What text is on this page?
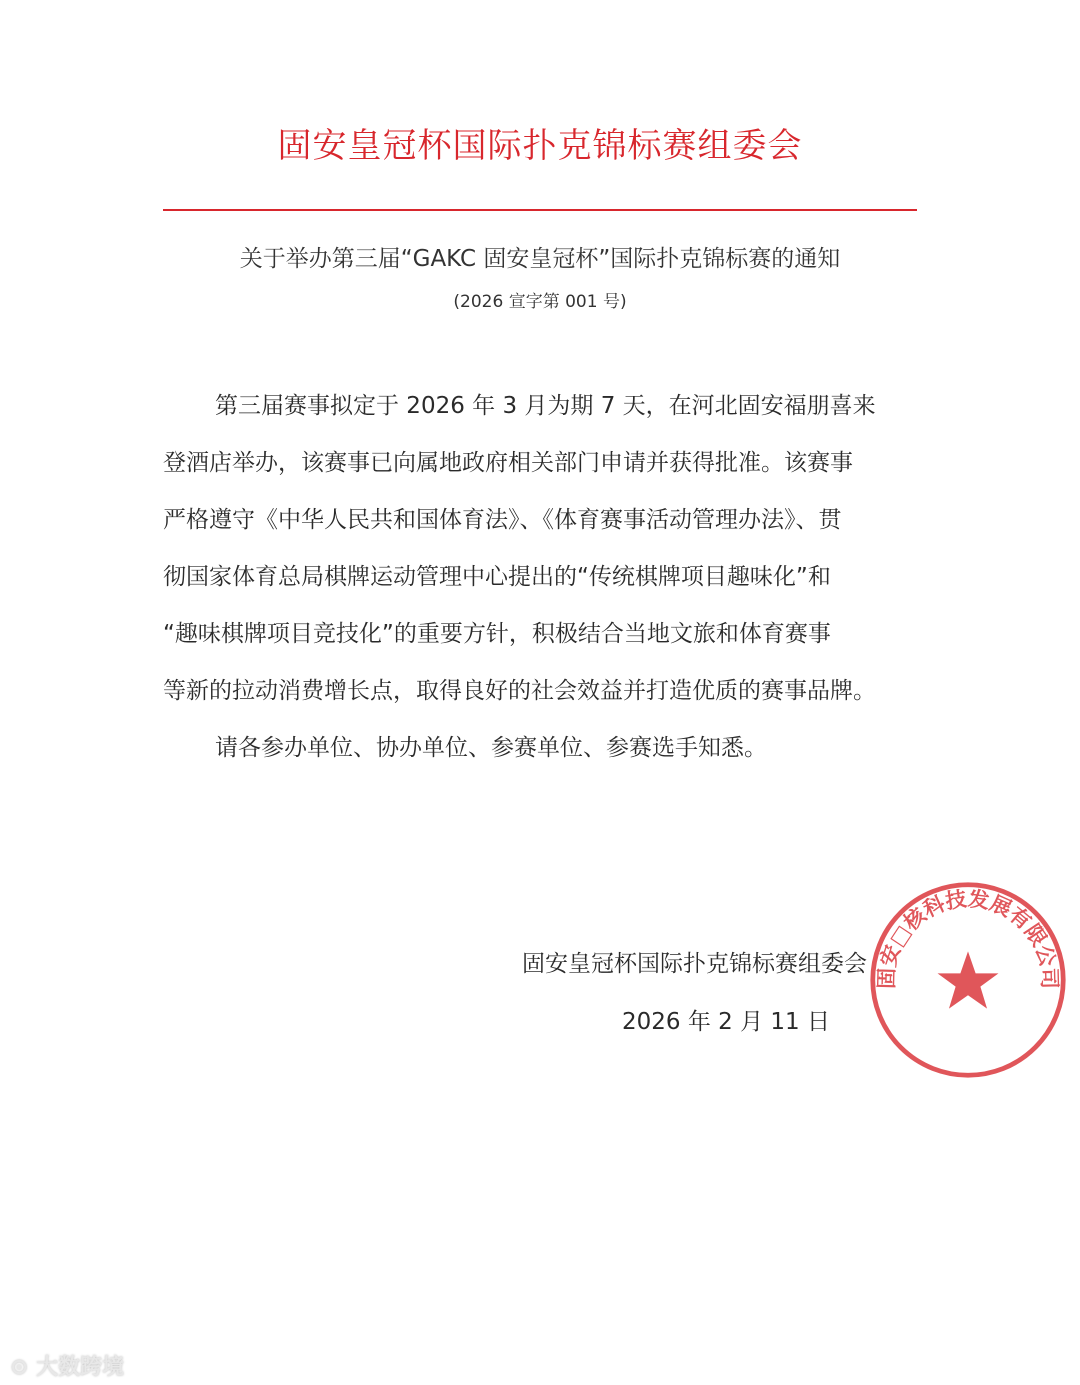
固安皇冠杯国际扑克锦标赛组委会
关于举办第三届“GAKC 固安皇冠杯”国际扑克锦标赛的通知
(2026 宣字第 001 号)
第三届赛事拟定于 2026 年 3 月为期 7 天，在河北固安福朋喜来
登酒店举办，该赛事已向属地政府相关部门申请并获得批准。该赛事
严格遵守《中华人民共和国体育法》、《体育赛事活动管理办法》、贯
彻国家体育总局棋牌运动管理中心提出的“传统棋牌项目趣味化”和
“趣味棋牌项目竞技化”的重要方针，积极结合当地文旅和体育赛事
等新的拉动消费增长点，取得良好的社会效益并打造优质的赛事品牌。
请各参办单位、协办单位、参赛单位、参赛选手知悉。
固安皇冠杯国际扑克锦标赛组委会
2026 年 2 月 11 日
固安□核科技发展有限公司
⊙ 大数跨境
